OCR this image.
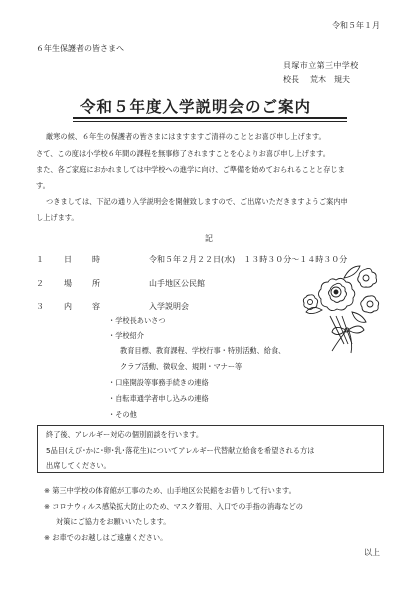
令和５年１月
６年生保護者の皆さまへ
貝塚市立第三中学校
校長 荒木　規夫
令和５年度入学説明会のご案内
厳寒の候、６年生の保護者の皆さまにはますますご清祥のこととお喜び申し上げます。
さて、この度は小学校６年間の課程を無事修了されますことを心よりお喜び申し上げます。
また、各ご家庭におかれましては中学校への進学に向け、ご準備を始めておられることと存じま
す。
つきましては、下記の通り入学説明会を開催致しますので、ご出席いただきますようご案内申
し上げます。
記
１	日　時	令和５年２月２２日(水)　１３時３０分～１４時３０分
２	場　所	山手地区公民館
３	内　容	入学説明会
・学校長あいさつ
・学校紹介
教育目標、教育課程、学校行事・特別活動、給食、
クラブ活動、徴収金、規則・マナー等
・口座開設等事務手続きの連絡
・自転車通学者申し込みの連絡
・その他
終了後、アレルギー対応の個別面談を行います。
5品目(えび･かに･卵･乳･落花生)についてアレルギー代替献立給食を希望される方は
出席してください。
※ 第三中学校の体育館が工事のため、山手地区公民館をお借りして行います。
※ コロナウィルス感染拡大防止のため、マスク着用、入口での手指の消毒などの
対策にご協力をお願いいたします。
※ お車でのお越しはご遠慮ください。
以上
